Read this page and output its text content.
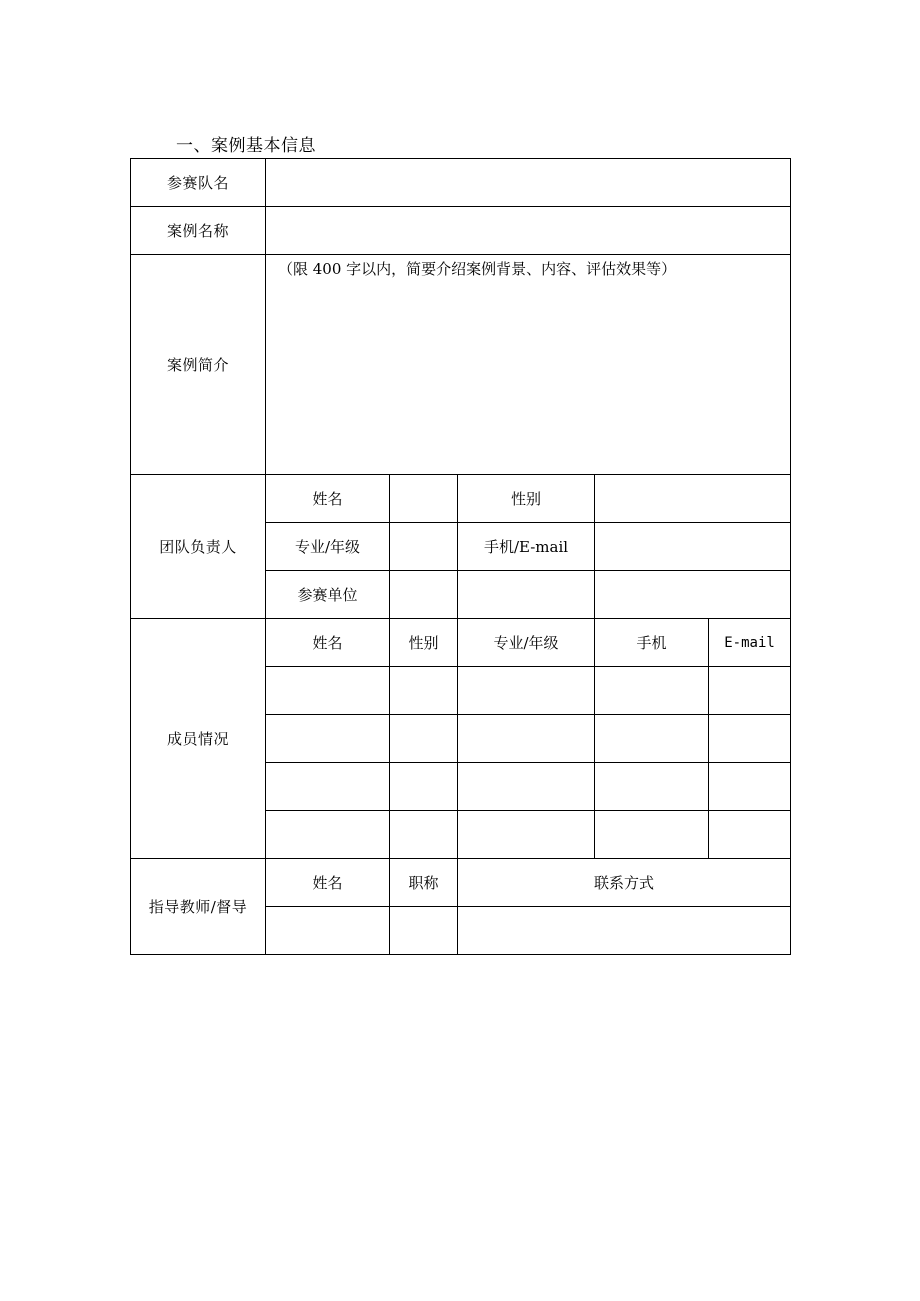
一、案例基本信息
参赛队名					
案例名称					
案例简介	（限 400 字以内，简要介绍案例背景、内容、评估效果等）				

团队负责人	姓名		性别		
	专业/年级		手机/E-mail		
	参赛单位				
成员情况	姓名	性别	专业/年级	手机	E-mail

指导教师/督导	姓名	职称	联系方式		
